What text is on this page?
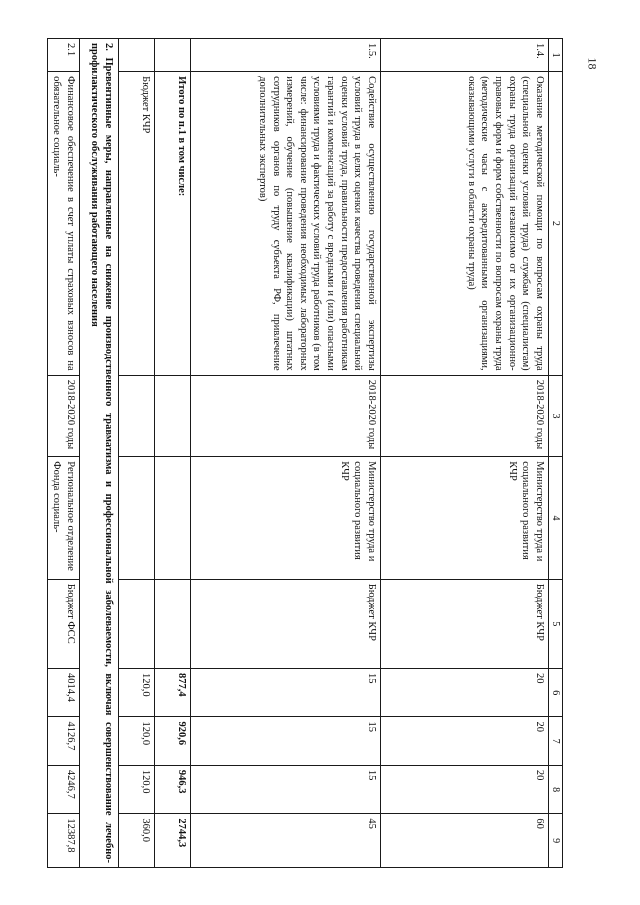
18
1	2	3	4	5	6	7	8	9
1.4.	Оказание методической помощи по вопросам охраны труда (специальной оценки условий труда) службам (специалистам) охраны труда организаций независимо от их организационно-правовых форм и форм собственности по вопросам охраны труда (методические часы с аккредитованными организациями, оказывающими услуги в области охраны труда)	2018-2020 годы	Министерство труда и социального развития КЧР	Бюджет КЧР	20	20	20	60
1.5.	Содействие осуществлению государственной экспертизы условий труда в целях оценки качества проведения специальной оценки условий труда, правильности предоставления работникам гарантий и компенсаций за работу с вредными и (или) опасными условиями труда и фактических условий труда работников (в том числе: финансирование проведения необходимых лабораторных измерений, обучение (повышение квалификации) штатных сотрудников органов по труду субъекта РФ, привлечение дополнительных экспертов)	2018-2020 годы	Министерство труда и социального развития КЧР	Бюджет КЧР	15	15	15	45
	Итого по п.1 в том числе:				877,4	920,6	946,3	2744,3
	Бюджет КЧР				120,0	120,0	120,0	360,0
2. Превентивные меры, направленные на снижение производственного травматизма и профессиональной заболеваемости, включая совершенствование лечебно-профилактического обслуживания работающего населения								
2.1	Финансовое обеспечение в счет уплаты страховых взносов на обязательное социаль-	2018-2020 годы	Региональное отделение Фонда социаль-	Бюджет ФСС	4014,4	4126,7	4246,7	12387,8
